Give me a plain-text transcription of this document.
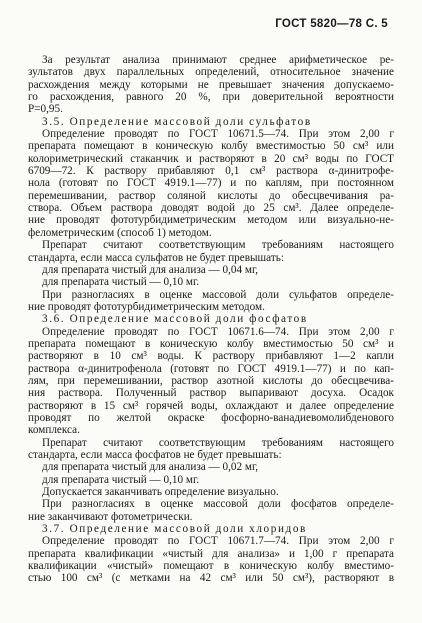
ГОСТ 5820—78 С. 5
За результат анализа принимают среднее арифметическое ре-
зультатов двух параллельных определений, относительное значение
расхождения между которыми не превышает значения допускаемо-
го расхождения, равного 20 %, при доверительной вероятности
P=0,95.
3.5. Определение массовой доли сульфатов
Определение проводят по ГОСТ 10671.5—74. При этом 2,00 г
препарата помещают в коническую колбу вместимостью 50 см³ или
колориметрический стаканчик и растворяют в 20 см³ воды по ГОСТ
6709—72. К раствору прибавляют 0,1 см³ раствора α-динитрофе-
нола (готовят по ГОСТ 4919.1—77) и по каплям, при постоянном
перемешивании, раствор соляной кислоты до обесцвечивания ра-
створа. Объем раствора доводят водой до 25 см³. Далее определе-
ние проводят фототурбидиметрическим методом или визуально-не-
фелометрическим (способ 1) методом.
Препарат считают соответствующим требованиям настоящего
стандарта, если масса сульфатов не будет превышать:
для препарата чистый для анализа — 0,04 мг,
для препарата чистый — 0,10 мг.
При разногласиях в оценке массовой доли сульфатов определе-
ние проводят фототурбидиметрическим методом.
3.6. Определение массовой доли фосфатов
Определение проводят по ГОСТ 10671.6—74. При этом 2,00 г
препарата помещают в коническую колбу вместимостью 50 см³ и
растворяют в 10 см³ воды. К раствору прибавляют 1—2 капли
раствора α-динитрофенола (готовят по ГОСТ 4919.1—77) и по кап-
лям, при перемешивании, раствор азотной кислоты до обесцвечива-
ния раствора. Полученный раствор выпаривают досуха. Осадок
растворяют в 15 см³ горячей воды, охлаждают и далее определение
проводят по желтой окраске фосфорно-ванадиевомолибденового
комплекса.
Препарат считают соответствующим требованиям настоящего
стандарта, если масса фосфатов не будет превышать:
для препарата чистый для анализа — 0,02 мг,
для препарата чистый — 0,10 мг.
Допускается заканчивать определение визуально.
При разногласиях в оценке массовой доли фосфатов определе-
ние заканчивают фотометрически.
3.7. Определение массовой доли хлоридов
Определение проводят по ГОСТ 10671.7—74. При этом 2,00 г
препарата квалификации «чистый для анализа» и 1,00 г препарата
квалификации «чистый» помещают в коническую колбу вместимо-
стью 100 см³ (с метками на 42 см³ или 50 см³), растворяют в
